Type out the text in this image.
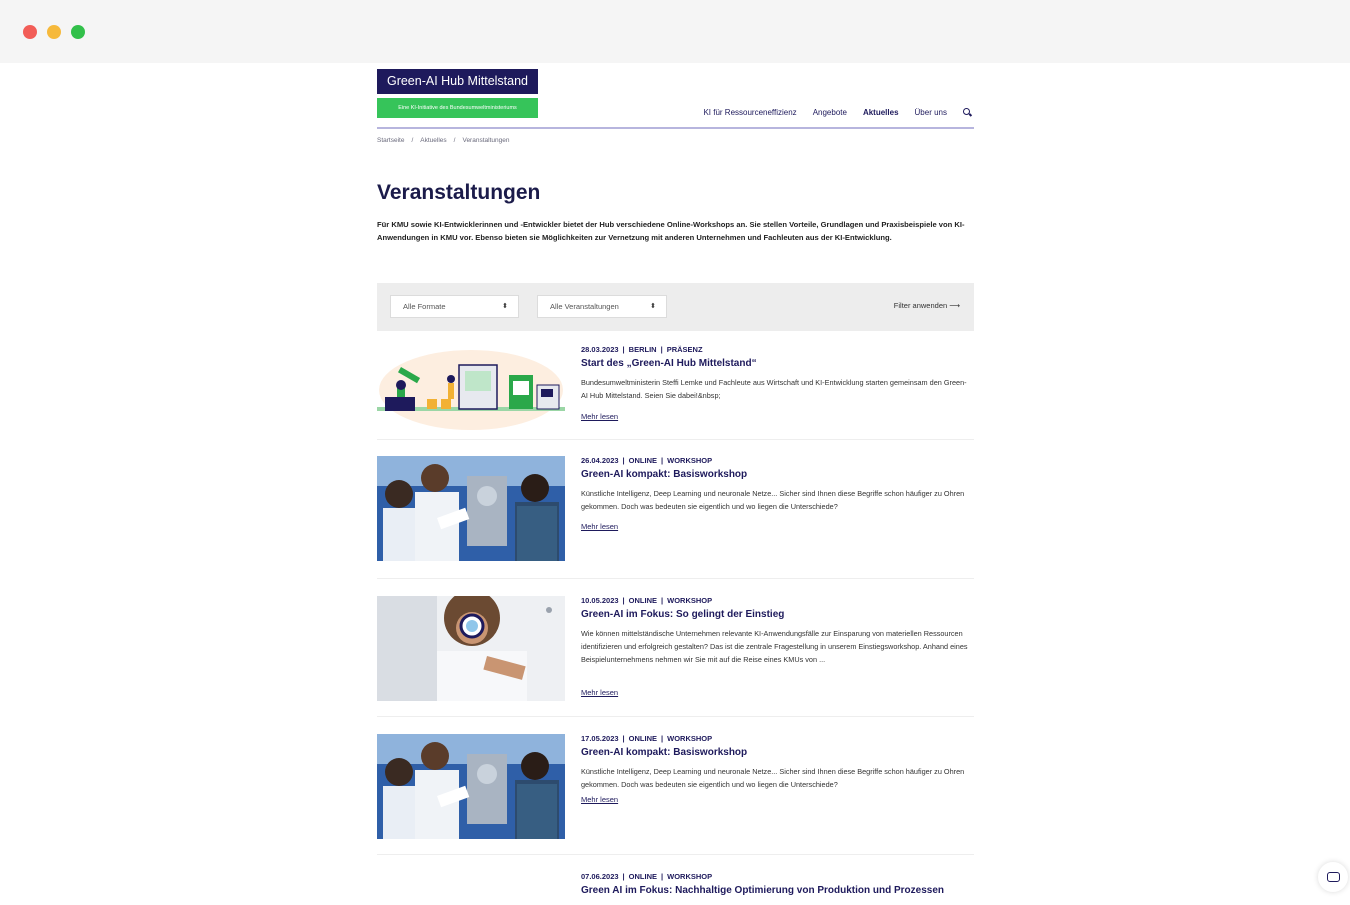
Green-AI Hub Mittelstand
Eine KI-Initiative des Bundesumweltministeriums	KI für Ressourceneffizienz Angebote Aktuelles Über uns
Startseite / Aktuelles / Veranstaltungen
Veranstaltungen

Für KMU sowie KI-Entwicklerinnen und -Entwickler bietet der Hub verschiedene Online-Workshops an. Sie stellen Vorteile, Grundlagen und Praxisbeispiele von KI-Anwendungen in KMU vor. Ebenso bieten sie Möglichkeiten zur Vernetzung mit anderen Unternehmen und Fachleuten aus der KI-Entwicklung.

Alle Formate	⬍	Alle Veranstaltungen	⬍	Filter anwenden ⟶
28.03.2023 | BERLIN | PRÄSENZ
Start des „Green-AI Hub Mittelstand“

Bundesumweltministerin Steffi Lemke und Fachleute aus Wirtschaft und KI-Entwicklung starten gemeinsam den Green-AI Hub Mittelstand. Seien Sie dabei!&nbsp;

Mehr lesen
26.04.2023 | ONLINE | WORKSHOP
Green-AI kompakt: Basisworkshop

Künstliche Intelligenz, Deep Learning und neuronale Netze... Sicher sind Ihnen diese Begriffe schon häufiger zu Ohren gekommen. Doch was bedeuten sie eigentlich und wo liegen die Unterschiede?

Mehr lesen
10.05.2023 | ONLINE | WORKSHOP
Green-AI im Fokus: So gelingt der Einstieg

Wie können mittelständische Unternehmen relevante KI-Anwendungsfälle zur Einsparung von materiellen Ressourcen identifizieren und erfolgreich gestalten? Das ist die zentrale Fragestellung in unserem Einstiegsworkshop. Anhand eines Beispielunternehmens nehmen wir Sie mit auf die Reise eines KMUs von ...

Mehr lesen
17.05.2023 | ONLINE | WORKSHOP
Green-AI kompakt: Basisworkshop

Künstliche Intelligenz, Deep Learning und neuronale Netze... Sicher sind Ihnen diese Begriffe schon häufiger zu Ohren gekommen. Doch was bedeuten sie eigentlich und wo liegen die Unterschiede?

Mehr lesen
07.06.2023 | ONLINE | WORKSHOP
Green AI im Fokus: Nachhaltige Optimierung von Produktion und Prozessen
